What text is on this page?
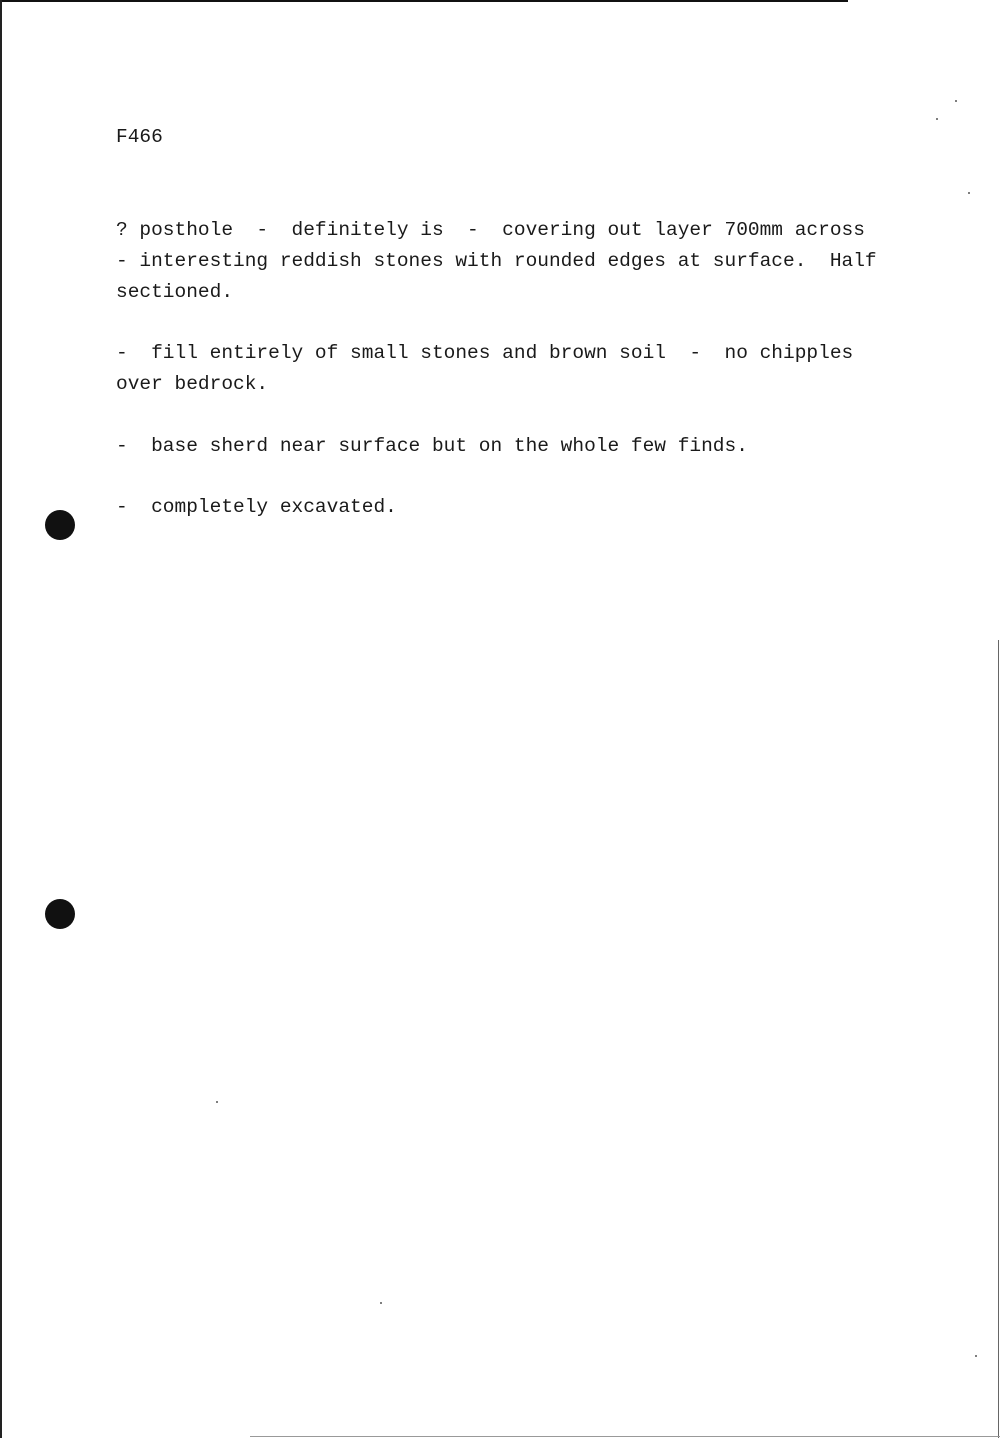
F466
? posthole  -  definitely is  -  covering out layer 700mm across
- interesting reddish stones with rounded edges at surface.  Half
sectioned.
-  fill entirely of small stones and brown soil  -  no chipples
over bedrock.
-  base sherd near surface but on the whole few finds.
-  completely excavated.
